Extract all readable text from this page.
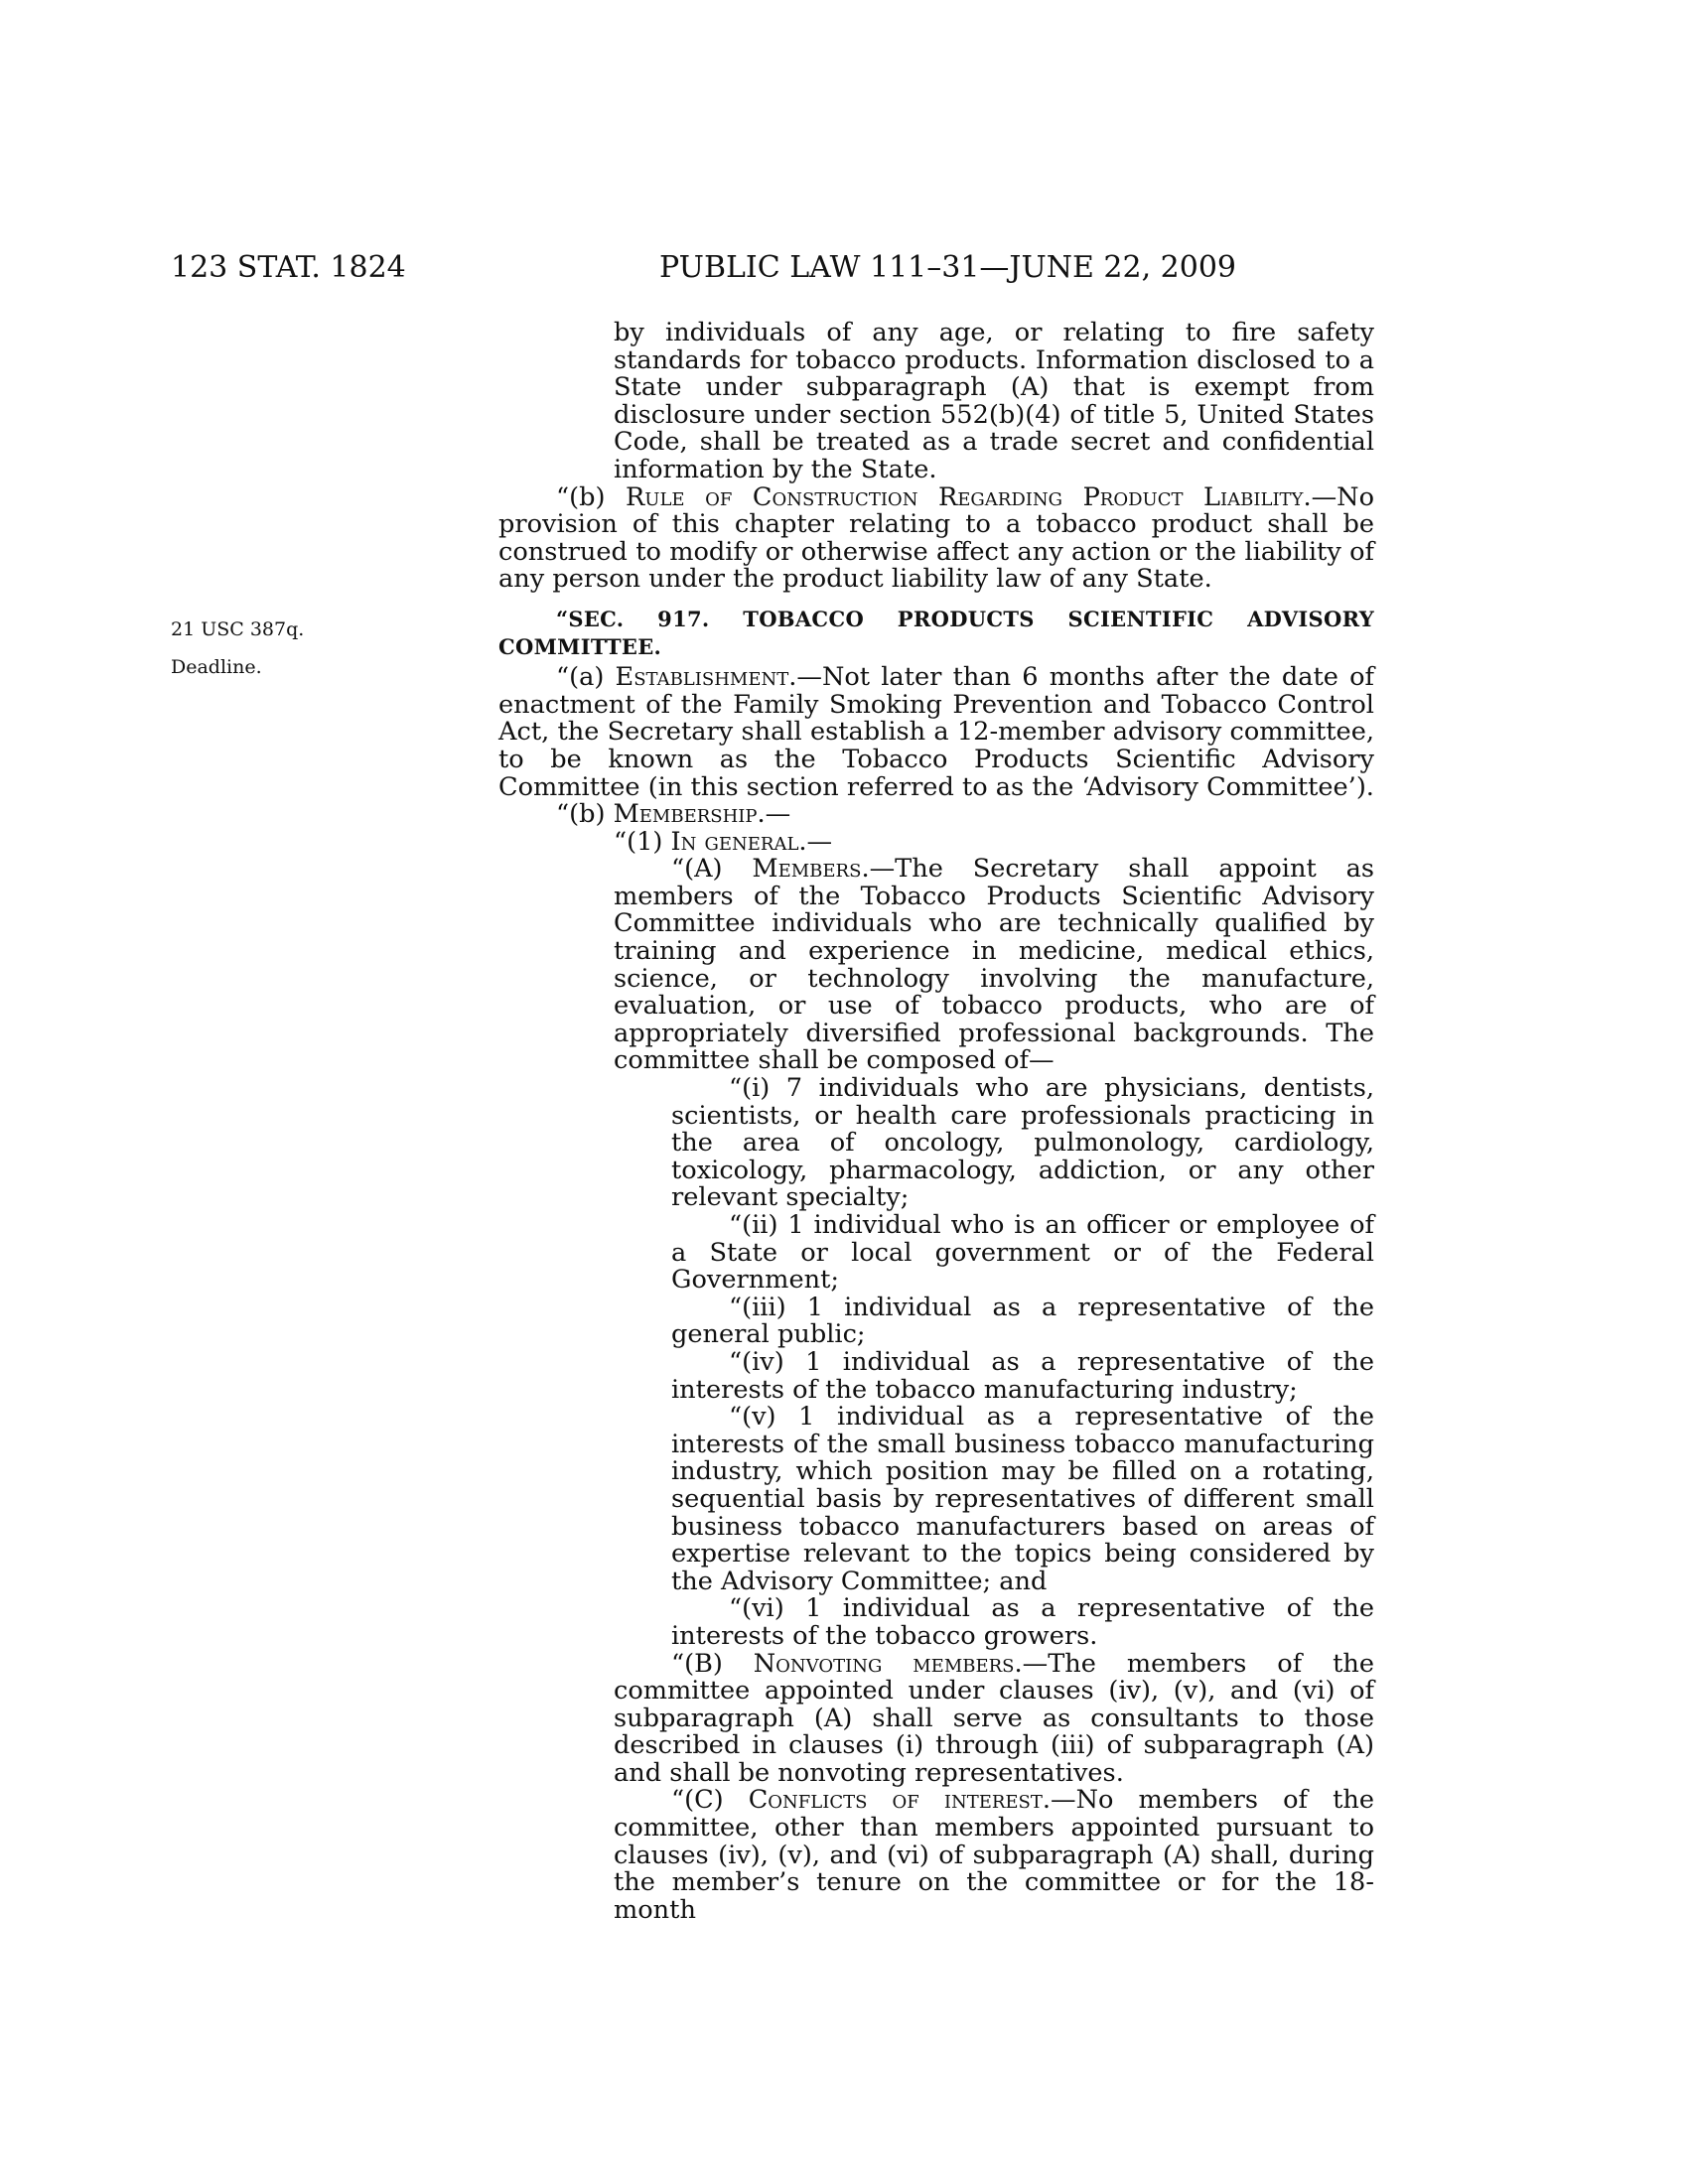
123 STAT. 1824	PUBLIC LAW 111–31—JUNE 22, 2009
21 USC 387q.
Deadline.

by individuals of any age, or relating to fire safety standards for tobacco products. Information disclosed to a State under subparagraph (A) that is exempt from disclosure under section 552(b)(4) of title 5, United States Code, shall be treated as a trade secret and confidential information by the State.

“(b) Rule of Construction Regarding Product Liability.—No provision of this chapter relating to a tobacco product shall be construed to modify or otherwise affect any action or the liability of any person under the product liability law of any State.

“SEC. 917. TOBACCO PRODUCTS SCIENTIFIC ADVISORY COMMITTEE.

“(a) Establishment.—Not later than 6 months after the date of enactment of the Family Smoking Prevention and Tobacco Control Act, the Secretary shall establish a 12-member advisory committee, to be known as the Tobacco Products Scientific Advisory Committee (in this section referred to as the ‘Advisory Committee’).

“(b) Membership.—

“(1) In general.—

“(A) Members.—The Secretary shall appoint as members of the Tobacco Products Scientific Advisory Committee individuals who are technically qualified by training and experience in medicine, medical ethics, science, or technology involving the manufacture, evaluation, or use of tobacco products, who are of appropriately diversified professional backgrounds. The committee shall be composed of—

“(i) 7 individuals who are physicians, dentists, scientists, or health care professionals practicing in the area of oncology, pulmonology, cardiology, toxicology, pharmacology, addiction, or any other relevant specialty;

“(ii) 1 individual who is an officer or employee of a State or local government or of the Federal Government;

“(iii) 1 individual as a representative of the general public;

“(iv) 1 individual as a representative of the interests of the tobacco manufacturing industry;

“(v) 1 individual as a representative of the interests of the small business tobacco manufacturing industry, which position may be filled on a rotating, sequential basis by representatives of different small business tobacco manufacturers based on areas of expertise relevant to the topics being considered by the Advisory Committee; and

“(vi) 1 individual as a representative of the interests of the tobacco growers.

“(B) Nonvoting members.—The members of the committee appointed under clauses (iv), (v), and (vi) of subparagraph (A) shall serve as consultants to those described in clauses (i) through (iii) of subparagraph (A) and shall be nonvoting representatives.

“(C) Conflicts of interest.—No members of the committee, other than members appointed pursuant to clauses (iv), (v), and (vi) of subparagraph (A) shall, during the member’s tenure on the committee or for the 18-month
